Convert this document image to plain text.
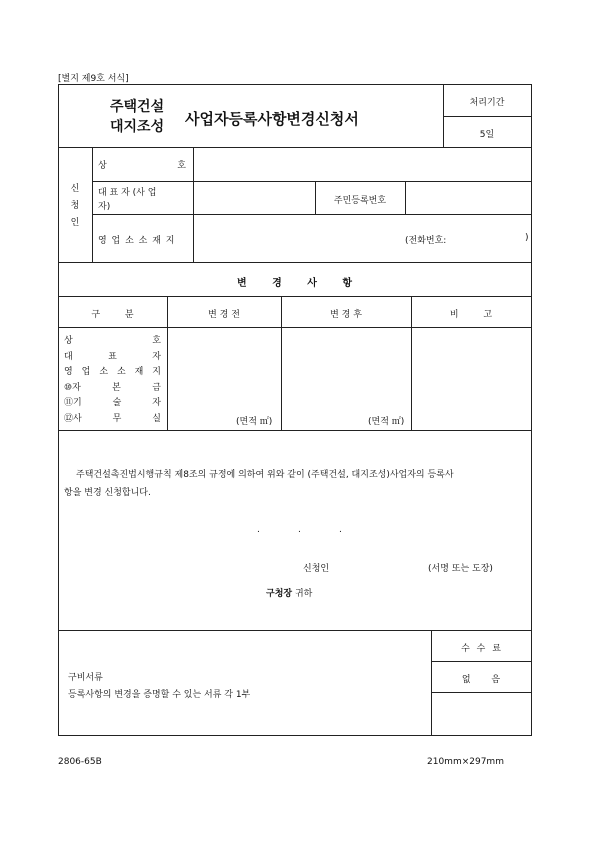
[별지 제9호 서식]
주택건설
대지조성 사업자등록사항변경신청서
처리기간
5일
신
청
인
상	호
대 표 자 (사 업
자)
주민등록번호
영 업 소 소 재 지	(전화번호:	)
변 경 사 항
구 분	변 경 전	변 경 후	비 고
상	호
대	표	자
영 업 소 소 재 지
⑩자	본	금
⑪기	술	자
⑫사	무	실	(면적 ㎡)	(면적 ㎡)
주택건설촉진법시행규칙 제8조의 규정에 의하여 위와 같이 (주택건설, 대지조성)사업자의 등록사
항을 변경 신청합니다.
.	.	.
신청인	(서명 또는 도장)
구청장 귀하
구비서류
등록사항의 변경을 증명할 수 있는 서류 각 1부
수 수 료
없 음
2806-65B	210mm×297mm
